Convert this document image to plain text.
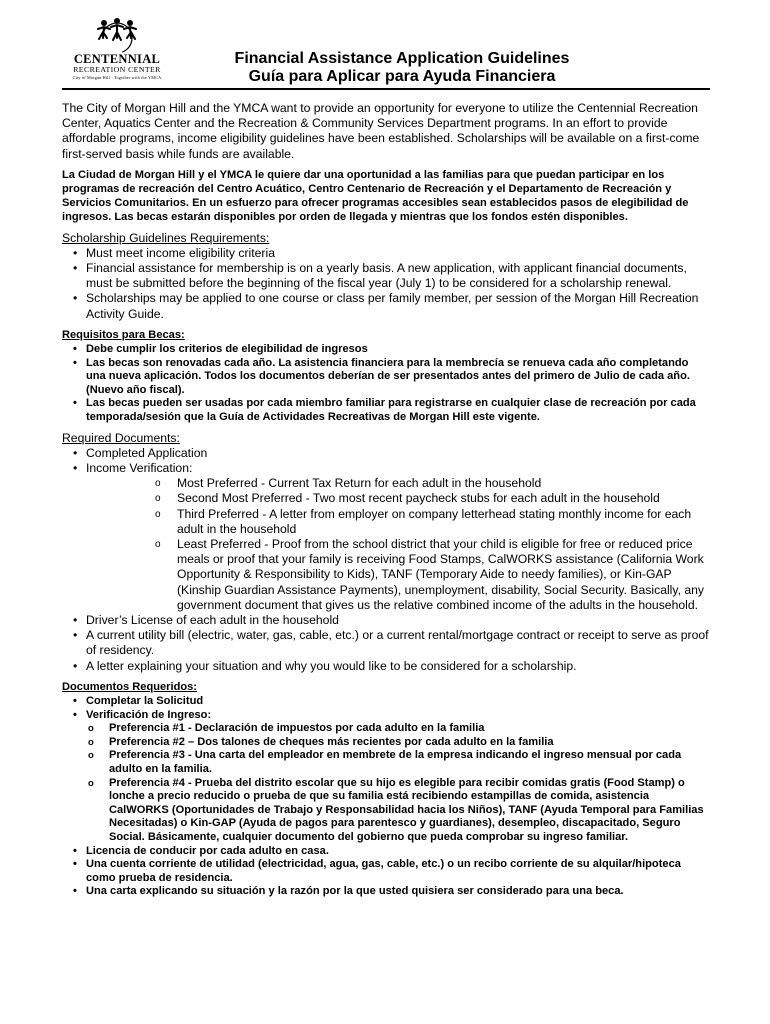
CENTENNIAL
RECREATION CENTER
City of Morgan Hill · Together with the YMCA
Financial Assistance Application Guidelines
Guía para Aplicar para Ayuda Financiera

The City of Morgan Hill and the YMCA want to provide an opportunity for everyone to utilize the Centennial Recreation Center, Aquatics Center and the Recreation & Community Services Department programs. In an effort to provide affordable programs, income eligibility guidelines have been established. Scholarships will be available on a first-come first-served basis while funds are available.

La Ciudad de Morgan Hill y el YMCA le quiere dar una oportunidad a las familias para que puedan participar en los programas de recreación del Centro Acuático, Centro Centenario de Recreación y el Departamento de Recreación y Servicios Comunitarios. En un esfuerzo para ofrecer programas accesibles sean establecidos pasos de elegibilidad de ingresos. Las becas estarán disponibles por orden de llegada y mientras que los fondos estén disponibles.

Scholarship Guidelines Requirements:

• Must meet income eligibility criteria
• Financial assistance for membership is on a yearly basis. A new application, with applicant financial documents, must be submitted before the beginning of the fiscal year (July 1) to be considered for a scholarship renewal.
• Scholarships may be applied to one course or class per family member, per session of the Morgan Hill Recreation Activity Guide.

Requisitos para Becas:

• Debe cumplir los criterios de elegibilidad de ingresos
• Las becas son renovadas cada año. La asistencia financiera para la membrecía se renueva cada año completando una nueva aplicación. Todos los documentos deberían de ser presentados antes del primero de Julio de cada año. (Nuevo año fiscal).
• Las becas pueden ser usadas por cada miembro familiar para registrarse en cualquier clase de recreación por cada temporada/sesión que la Guía de Actividades Recreativas de Morgan Hill este vigente.

Required Documents:

• Completed Application
• Income Verification:
o Most Preferred - Current Tax Return for each adult in the household
o Second Most Preferred - Two most recent paycheck stubs for each adult in the household
o Third Preferred - A letter from employer on company letterhead stating monthly income for each adult in the household
o Least Preferred - Proof from the school district that your child is eligible for free or reduced price meals or proof that your family is receiving Food Stamps, CalWORKS assistance (California Work Opportunity & Responsibility to Kids), TANF (Temporary Aide to needy families), or Kin-GAP (Kinship Guardian Assistance Payments), unemployment, disability, Social Security. Basically, any government document that gives us the relative combined income of the adults in the household.
• Driver’s License of each adult in the household
• A current utility bill (electric, water, gas, cable, etc.) or a current rental/mortgage contract or receipt to serve as proof of residency.
• A letter explaining your situation and why you would like to be considered for a scholarship.

Documentos Requeridos:

• Completar la Solicitud
• Verificación de Ingreso:
o Preferencia #1 - Declaración de impuestos por cada adulto en la familia
o Preferencia #2 – Dos talones de cheques más recientes por cada adulto en la familia
o Preferencia #3 - Una carta del empleador en membrete de la empresa indicando el ingreso mensual por cada adulto en la familia.
o Preferencia #4 - Prueba del distrito escolar que su hijo es elegible para recibir comidas gratis (Food Stamp) o lonche a precio reducido o prueba de que su familia está recibiendo estampillas de comida, asistencia CalWORKS (Oportunidades de Trabajo y Responsabilidad hacia los Niños), TANF (Ayuda Temporal para Familias Necesitadas) o Kin-GAP (Ayuda de pagos para parentesco y guardianes), desempleo, discapacitado, Seguro Social. Básicamente, cualquier documento del gobierno que pueda comprobar su ingreso familiar.
• Licencia de conducir por cada adulto en casa.
• Una cuenta corriente de utilidad (electricidad, agua, gas, cable, etc.) o un recibo corriente de su alquilar/hipoteca como prueba de residencia.
• Una carta explicando su situación y la razón por la que usted quisiera ser considerado para una beca.
